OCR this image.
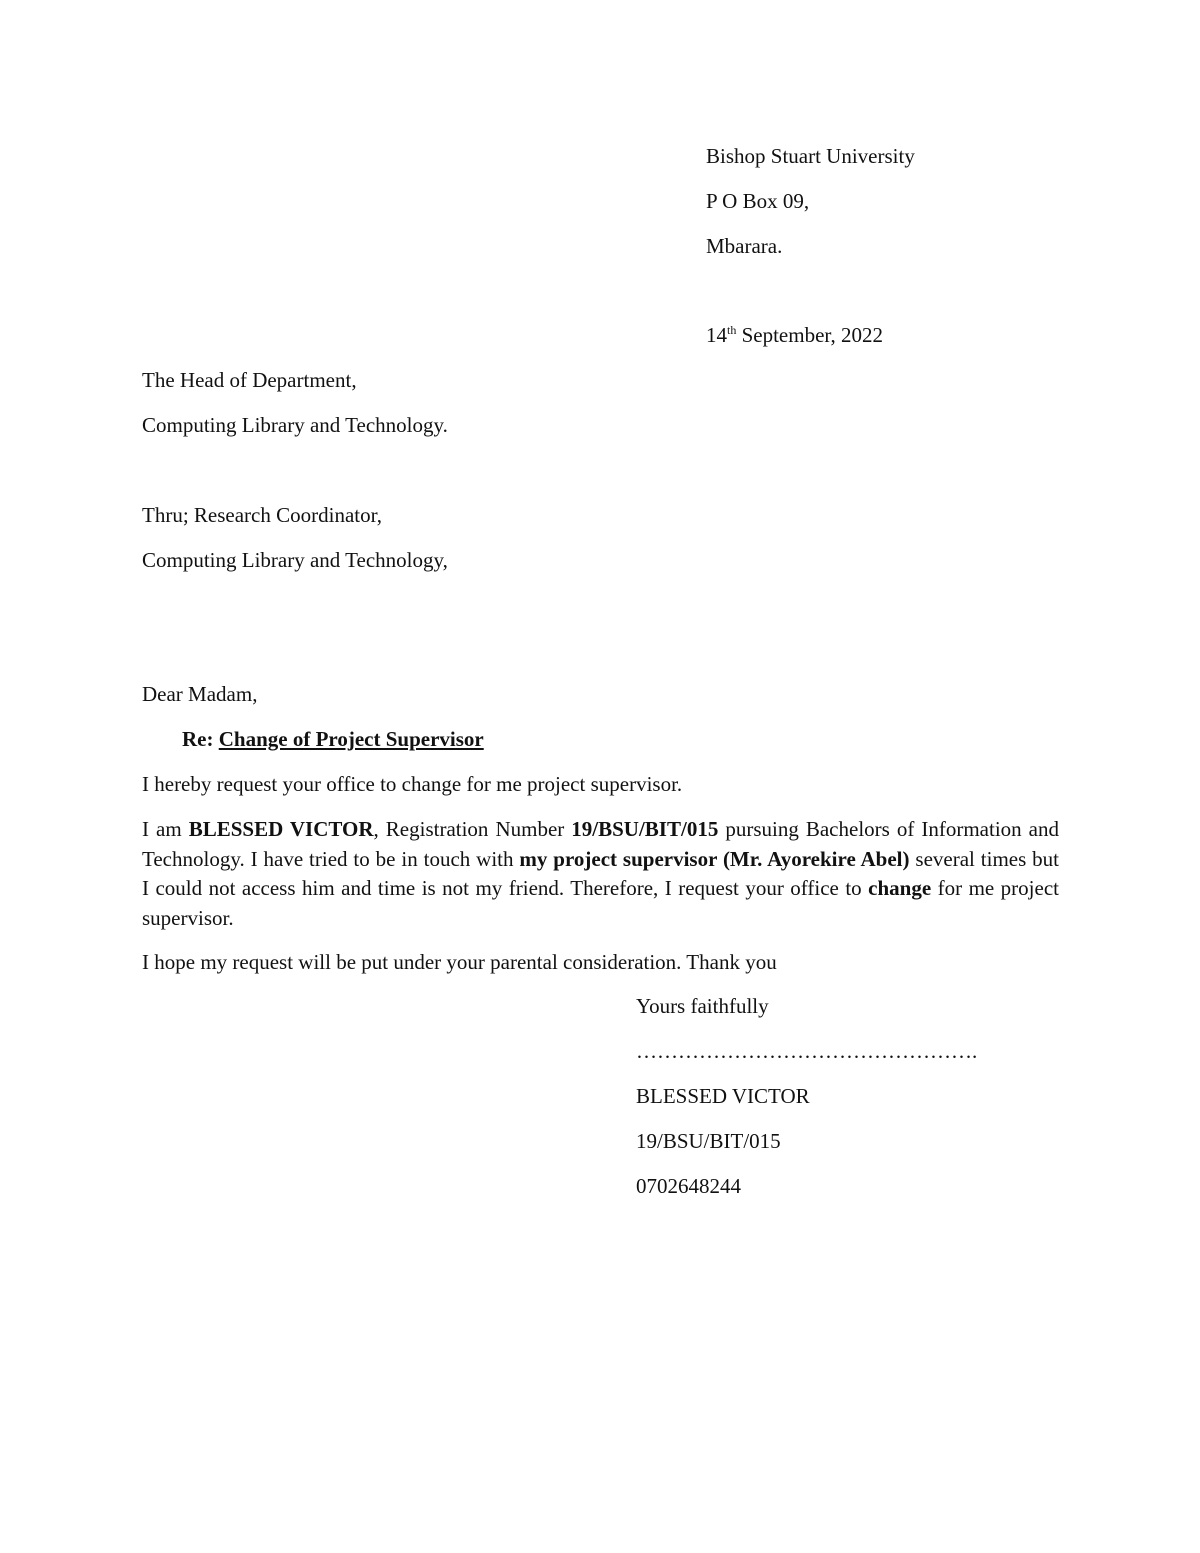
Bishop Stuart University
P O Box 09,
Mbarara.
14th September, 2022
The Head of Department,
Computing Library and Technology.
Thru; Research Coordinator,
Computing Library and Technology,
Dear Madam,
Re: Change of Project Supervisor
I hereby request your office to change for me project supervisor.
I am BLESSED VICTOR, Registration Number 19/BSU/BIT/015 pursuing Bachelors of Information and Technology. I have tried to be in touch with my project supervisor (Mr. Ayorekire Abel) several times but I could not access him and time is not my friend. Therefore, I request your office to change for me project supervisor.
I hope my request will be put under your parental consideration. Thank you
Yours faithfully
………………………………………….
BLESSED VICTOR
19/BSU/BIT/015
0702648244
